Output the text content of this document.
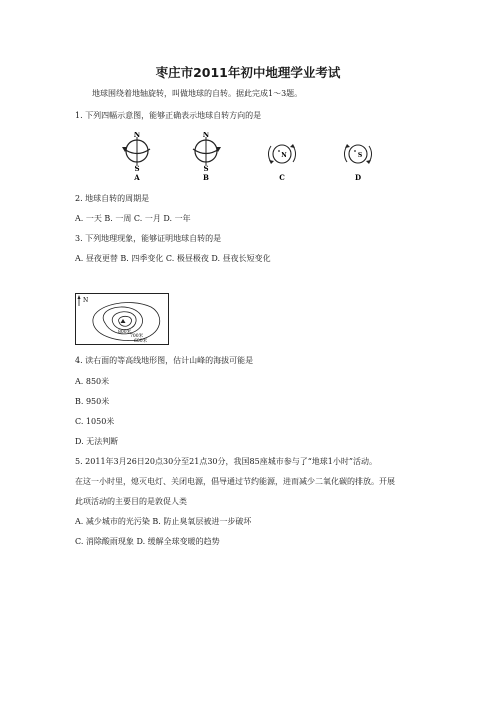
枣庄市2011年初中地理学业考试
地球围绕着地轴旋转，叫做地球的自转。据此完成1～3题。
1. 下列四幅示意图，能够正确表示地球自转方向的是
N
S
A
N
S
B
N
C
S
D
2. 地球自转的周期是
A. 一天 B. 一周 C. 一月 D. 一年
3. 下列地理现象，能够证明地球自转的是
A. 昼夜更替 B. 四季变化 C. 极昼极夜 D. 昼夜长短变化
N
800米
700米
600米
4. 读右面的等高线地形图，估计山峰的海拔可能是
A. 850米
B. 950米
C. 1050米
D. 无法判断
5. 2011年3月26日20点30分至21点30分，我国85座城市参与了“地球1小时”活动。
在这一小时里，熄灭电灯、关闭电源，倡导通过节约能源，进而减少二氧化碳的排放。开展
此项活动的主要目的是敦促人类
A. 减少城市的光污染 B. 防止臭氧层被进一步破坏
C. 消除酸雨现象 D. 缓解全球变暖的趋势
